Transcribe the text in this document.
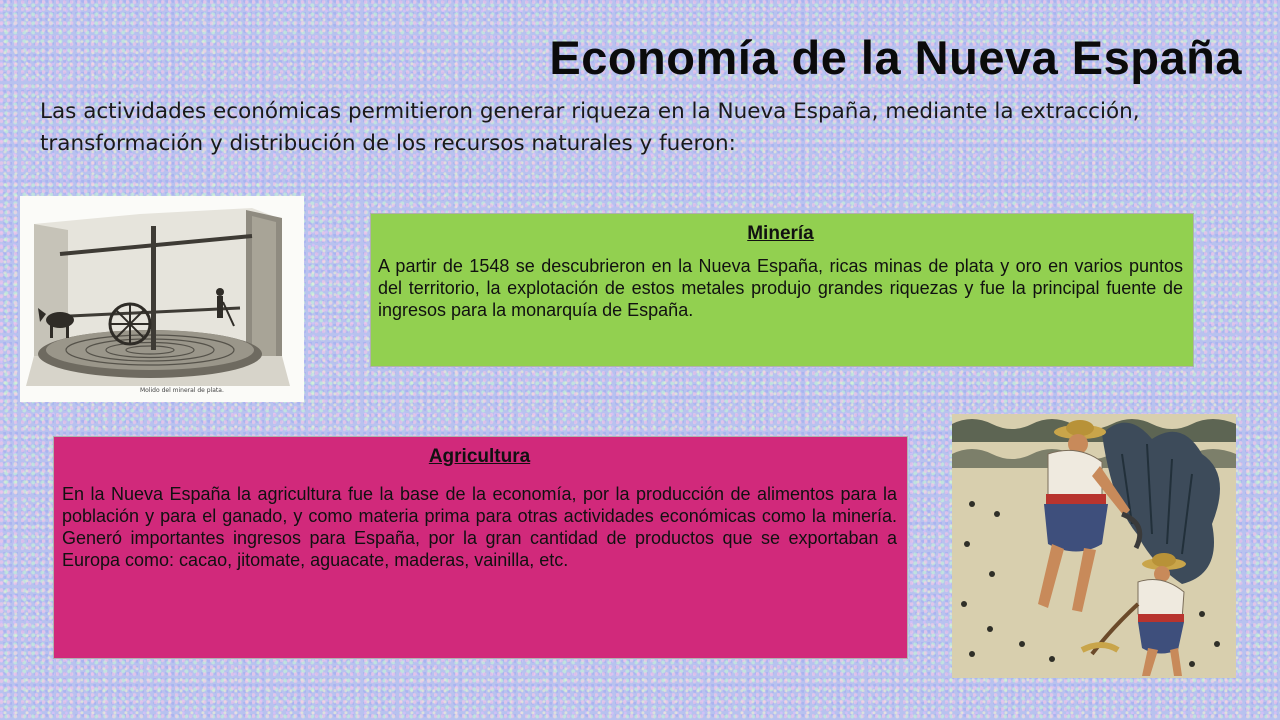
Economía de la Nueva España

Las actividades económicas permitieron generar riqueza en la Nueva España, mediante la extracción, transformación y distribución de los recursos naturales y fueron:

Molido del mineral de plata.
Minería

A partir de 1548 se descubrieron en la Nueva España, ricas minas de plata y oro en varios puntos del territorio, la explotación de estos metales produjo grandes riquezas y fue la principal fuente de ingresos para la monarquía de España.

Agricultura

En la Nueva España la agricultura fue la base de la economía, por la producción de alimentos para la población y para el ganado, y como materia prima para otras actividades económicas como la minería. Generó importantes ingresos para España, por la gran cantidad de productos que se exportaban a Europa como: cacao, jitomate, aguacate, maderas, vainilla, etc.
